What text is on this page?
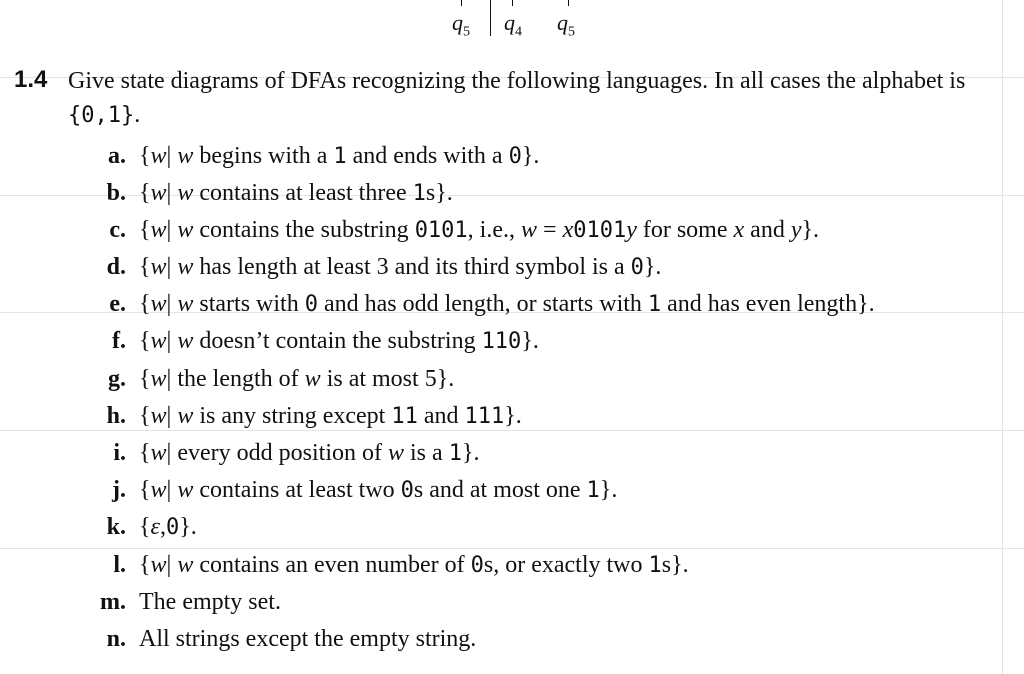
$q_5$ $q_4$ $q_5$
1.4 Give state diagrams of DFAs recognizing the following languages. In all cases the alphabet is {0,1}.
a. {w| w begins with a 1 and ends with a 0}.
b. {w| w contains at least three 1s}.
c. {w| w contains the substring 0101, i.e., w = x0101y for some x and y}.
d. {w| w has length at least 3 and its third symbol is a 0}.
e. {w| w starts with 0 and has odd length, or starts with 1 and has even length}.
f. {w| w doesn’t contain the substring 110}.
g. {w| the length of w is at most 5}.
h. {w| w is any string except 11 and 111}.
i. {w| every odd position of w is a 1}.
j. {w| w contains at least two 0s and at most one 1}.
k. {ε,0}.
l. {w| w contains an even number of 0s, or exactly two 1s}.
m. The empty set.
n. All strings except the empty string.
